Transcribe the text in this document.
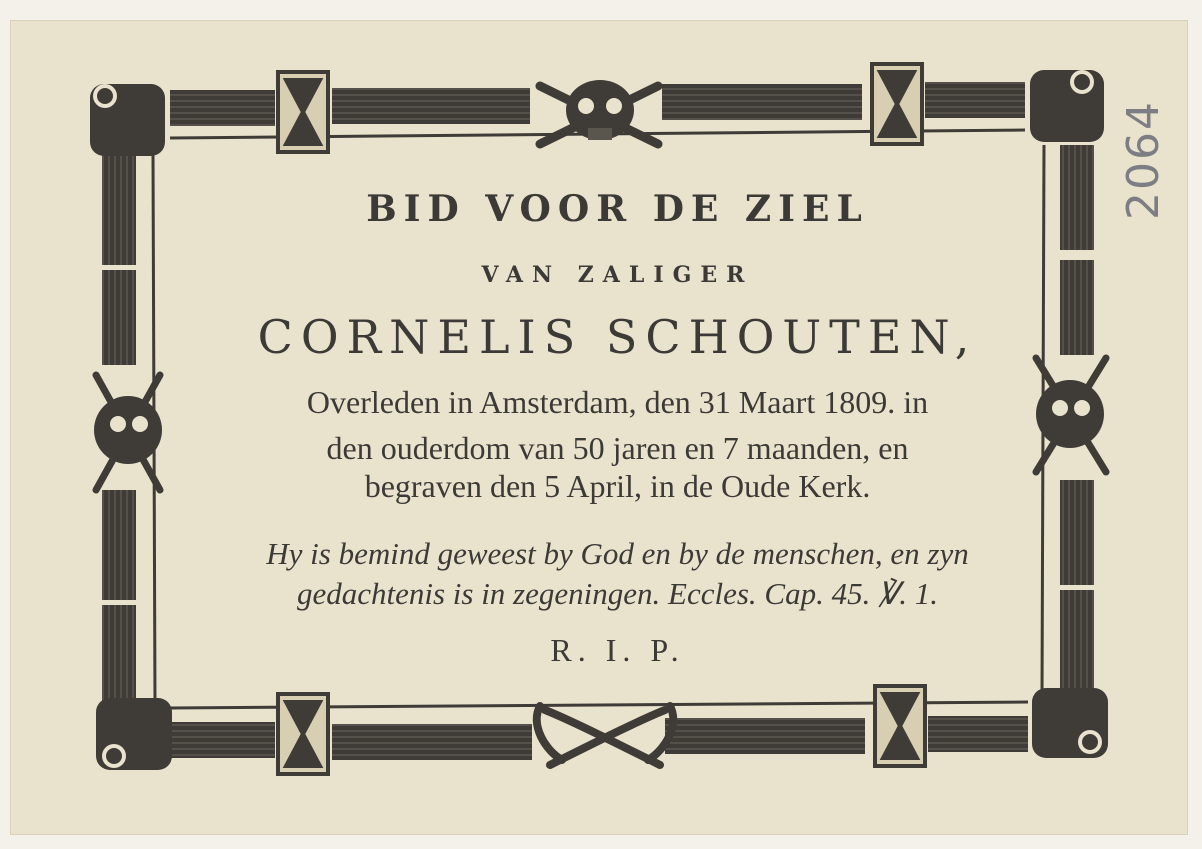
BID VOOR DE ZIEL
VAN ZALIGER
CORNELIS SCHOUTEN,
Overleden in Amsterdam, den 31 Maart 1809. in
den ouderdom van 50 jaren en 7 maanden, en
begraven den 5 April, in de Oude Kerk.
Hy is bemind geweest by God en by de menschen, en zyn
gedachtenis is in zegeningen. Eccles. Cap. 45. ℣. 1.
R. I. P.
2064
